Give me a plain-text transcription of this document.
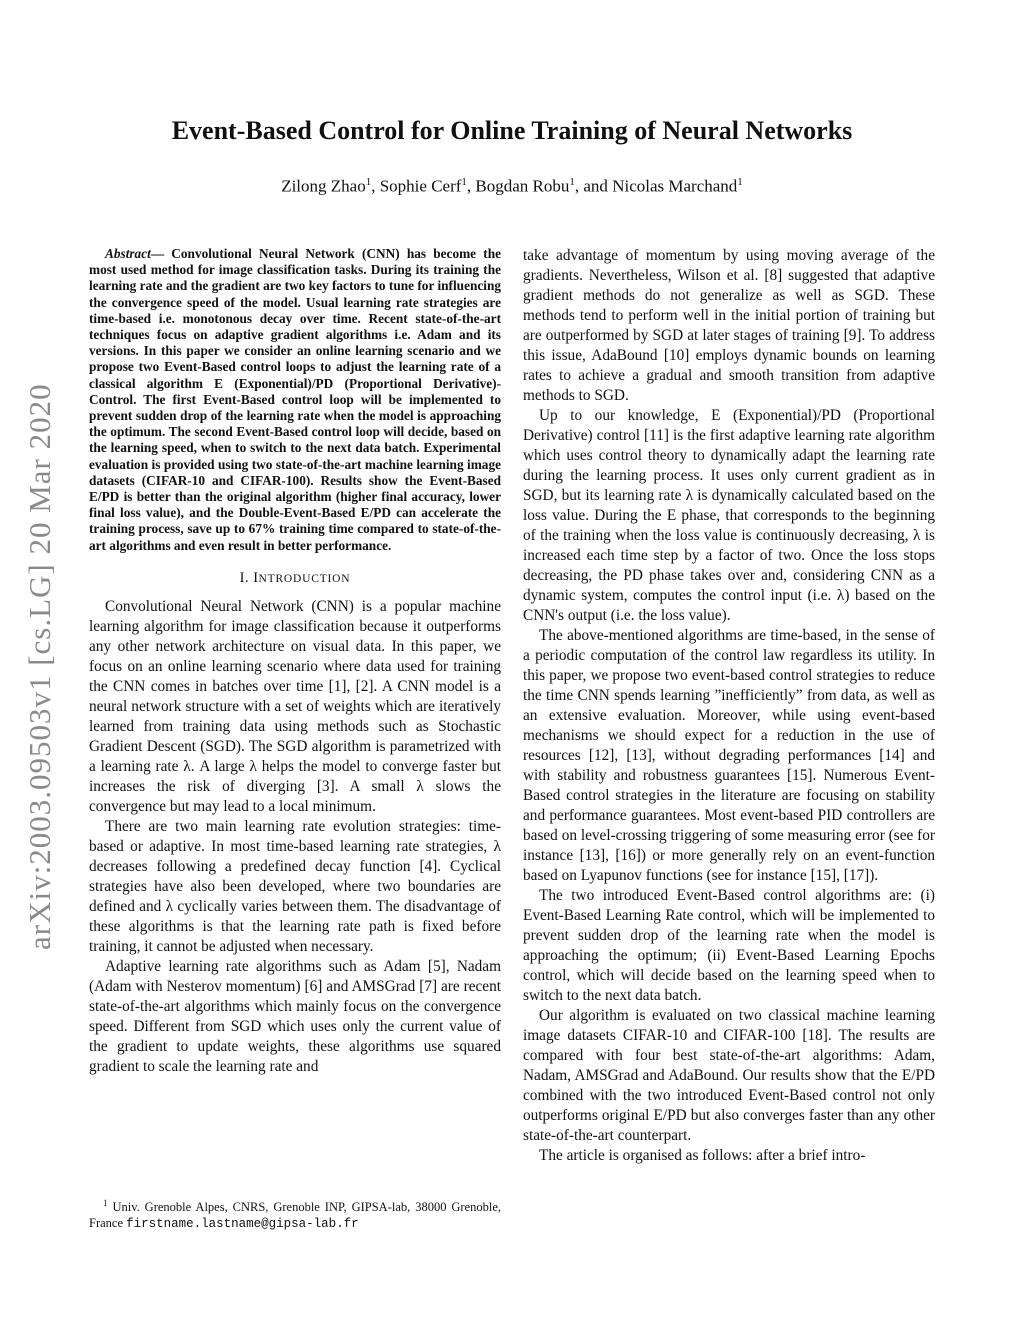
arXiv:2003.09503v1 [cs.LG] 20 Mar 2020
Event-Based Control for Online Training of Neural Networks
Zilong Zhao$^1$, Sophie Cerf$^1$, Bogdan Robu$^1$, and Nicolas Marchand$^1$

Abstract— Convolutional Neural Network (CNN) has become the most used method for image classification tasks. During its training the learning rate and the gradient are two key factors to tune for influencing the convergence speed of the model. Usual learning rate strategies are time-based i.e. monotonous decay over time. Recent state-of-the-art techniques focus on adaptive gradient algorithms i.e. Adam and its versions. In this paper we consider an online learning scenario and we propose two Event-Based control loops to adjust the learning rate of a classical algorithm E (Exponential)/PD (Proportional Derivative)-Control. The first Event-Based control loop will be implemented to prevent sudden drop of the learning rate when the model is approaching the optimum. The second Event-Based control loop will decide, based on the learning speed, when to switch to the next data batch. Experimental evaluation is provided using two state-of-the-art machine learning image datasets (CIFAR-10 and CIFAR-100). Results show the Event-Based E/PD is better than the original algorithm (higher final accuracy, lower final loss value), and the Double-Event-Based E/PD can accelerate the training process, save up to 67% training time compared to state-of-the-art algorithms and even result in better performance.

I. INTRODUCTION

Convolutional Neural Network (CNN) is a popular machine learning algorithm for image classification because it outperforms any other network architecture on visual data. In this paper, we focus on an online learning scenario where data used for training the CNN comes in batches over time [1], [2]. A CNN model is a neural network structure with a set of weights which are iteratively learned from training data using methods such as Stochastic Gradient Descent (SGD). The SGD algorithm is parametrized with a learning rate λ. A large λ helps the model to converge faster but increases the risk of diverging [3]. A small λ slows the convergence but may lead to a local minimum.

There are two main learning rate evolution strategies: time-based or adaptive. In most time-based learning rate strategies, λ decreases following a predefined decay function [4]. Cyclical strategies have also been developed, where two boundaries are defined and λ cyclically varies between them. The disadvantage of these algorithms is that the learning rate path is fixed before training, it cannot be adjusted when necessary.

Adaptive learning rate algorithms such as Adam [5], Nadam (Adam with Nesterov momentum) [6] and AMSGrad [7] are recent state-of-the-art algorithms which mainly focus on the convergence speed. Different from SGD which uses only the current value of the gradient to update weights, these algorithms use squared gradient to scale the learning rate and

$^1$ Univ. Grenoble Alpes, CNRS, Grenoble INP, GIPSA-lab, 38000 Grenoble, France firstname.lastname@gipsa-lab.fr

take advantage of momentum by using moving average of the gradients. Nevertheless, Wilson et al. [8] suggested that adaptive gradient methods do not generalize as well as SGD. These methods tend to perform well in the initial portion of training but are outperformed by SGD at later stages of training [9]. To address this issue, AdaBound [10] employs dynamic bounds on learning rates to achieve a gradual and smooth transition from adaptive methods to SGD.

Up to our knowledge, E (Exponential)/PD (Proportional Derivative) control [11] is the first adaptive learning rate algorithm which uses control theory to dynamically adapt the learning rate during the learning process. It uses only current gradient as in SGD, but its learning rate λ is dynamically calculated based on the loss value. During the E phase, that corresponds to the beginning of the training when the loss value is continuously decreasing, λ is increased each time step by a factor of two. Once the loss stops decreasing, the PD phase takes over and, considering CNN as a dynamic system, computes the control input (i.e. λ) based on the CNN's output (i.e. the loss value).

The above-mentioned algorithms are time-based, in the sense of a periodic computation of the control law regardless its utility. In this paper, we propose two event-based control strategies to reduce the time CNN spends learning ”inefficiently” from data, as well as an extensive evaluation. Moreover, while using event-based mechanisms we should expect for a reduction in the use of resources [12], [13], without degrading performances [14] and with stability and robustness guarantees [15]. Numerous Event-Based control strategies in the literature are focusing on stability and performance guarantees. Most event-based PID controllers are based on level-crossing triggering of some measuring error (see for instance [13], [16]) or more generally rely on an event-function based on Lyapunov functions (see for instance [15], [17]).

The two introduced Event-Based control algorithms are: (i) Event-Based Learning Rate control, which will be implemented to prevent sudden drop of the learning rate when the model is approaching the optimum; (ii) Event-Based Learning Epochs control, which will decide based on the learning speed when to switch to the next data batch.

Our algorithm is evaluated on two classical machine learning image datasets CIFAR-10 and CIFAR-100 [18]. The results are compared with four best state-of-the-art algorithms: Adam, Nadam, AMSGrad and AdaBound. Our results show that the E/PD combined with the two introduced Event-Based control not only outperforms original E/PD but also converges faster than any other state-of-the-art counterpart.

The article is organised as follows: after a brief intro-
